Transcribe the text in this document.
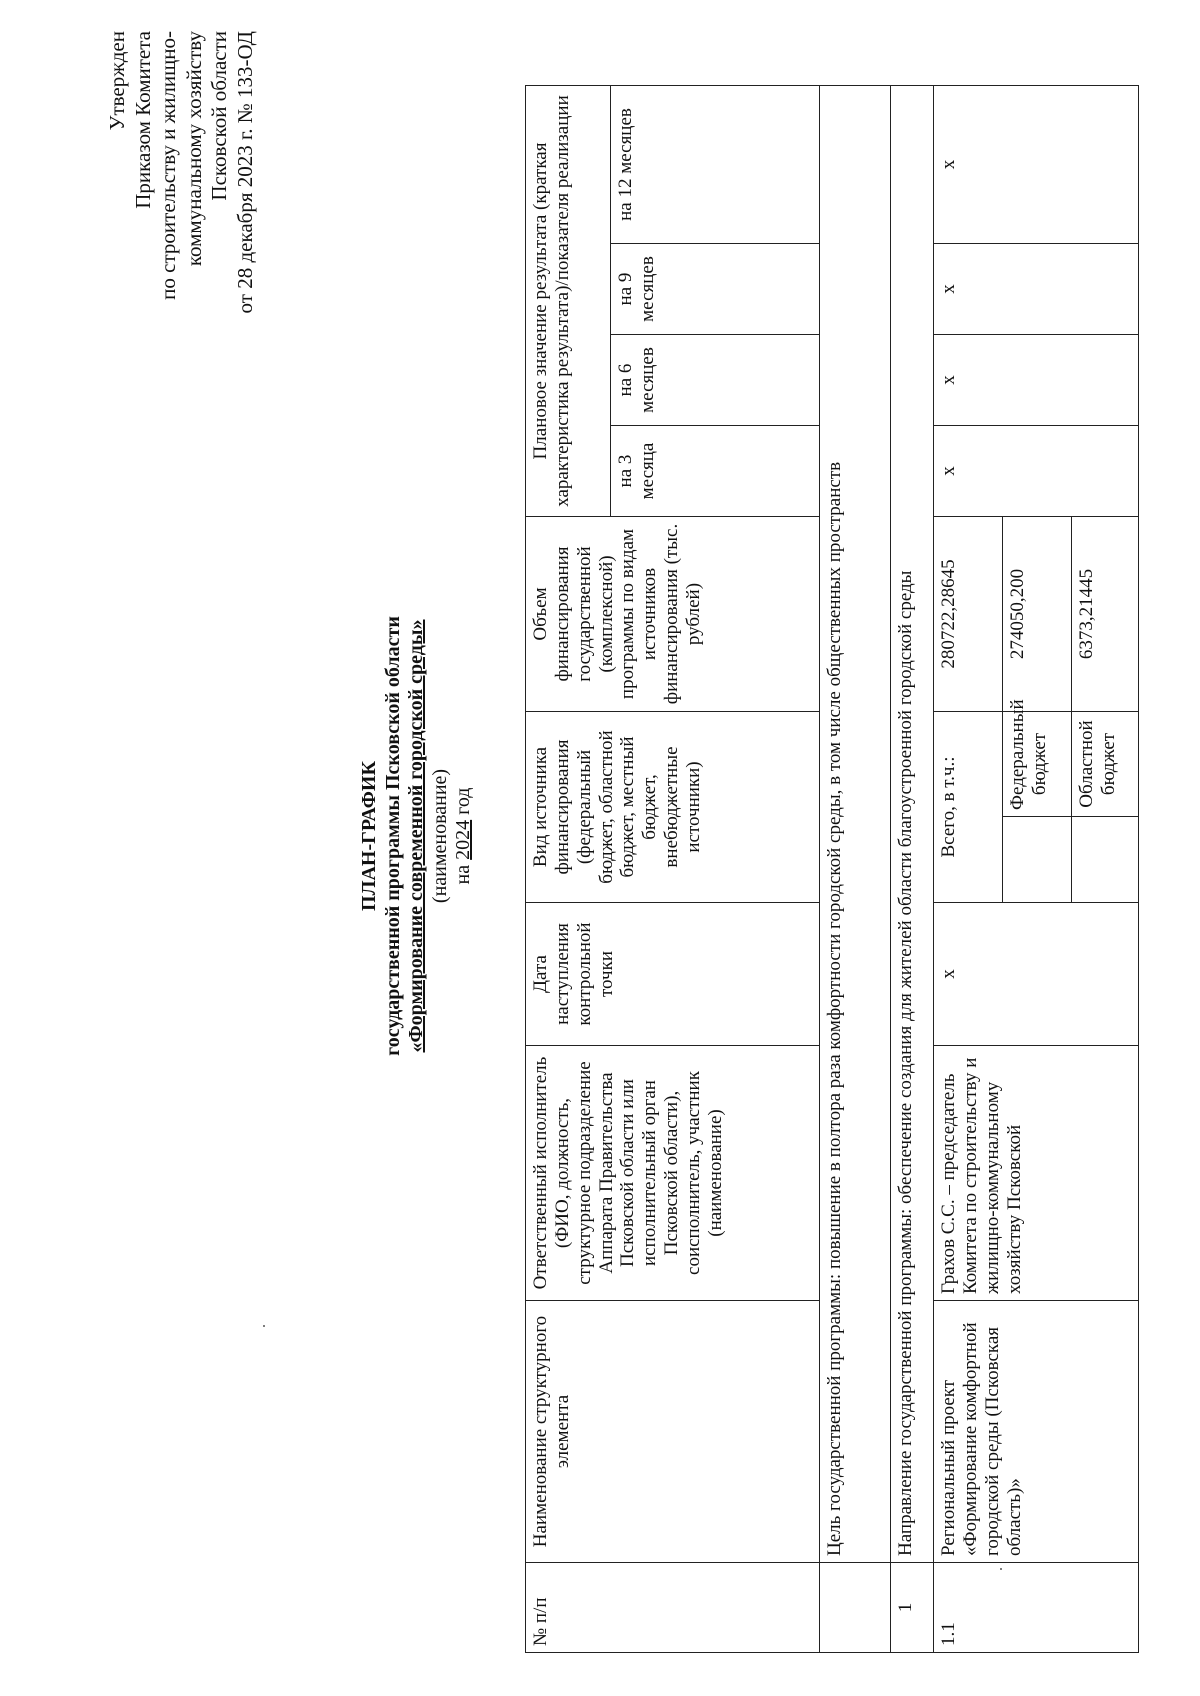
Утвержден Приказом Комитета по строительству и жилищно- коммунальному хозяйству Псковской области от 28 декабря 2023 г. № 133-ОД
ПЛАН-ГРАФИК государственной программы Псковской области «Формирование современной городской среды» (наименование) на 2024 год
№ п/п	Наименование структурного элемента	Ответственный исполнитель (ФИО, должность, структурное подразделение Аппарата Правительства Псковской области или исполнительный орган Псковской области), соисполнитель, участник (наименование)	Дата наступления контрольной точки	Вид источника финансирования (федеральный бюджет, областной бюджет, местный бюджет, внебюджетные источники)		Объем финансирования государственной (комплексной) программы по видам источников финансирования (тыс. рублей)	Плановое значение результата (краткая характеристика результата)/показателя реализации			
							на 3 месяца	на 6 месяцев	на 9 месяцев	на 12 месяцев
	Цель государственной программы: повышение в полтора раза комфортности городской среды, в том числе общественных пространств									
1	Направление государственной программы: обеспечение создания для жителей области благоустроенной городской среды									
1.1	Региональный проект «Формирование комфортной городской среды (Псковская область)»	Грахов С.С. – председатель Комитета по строительству и жилищно-коммунальному хозяйству Псковской	х	Всего, в т.ч.:		280722,28645	х	х	х	х
					Федеральный бюджет	274050,200				
					Областной бюджет	6373,21445				
